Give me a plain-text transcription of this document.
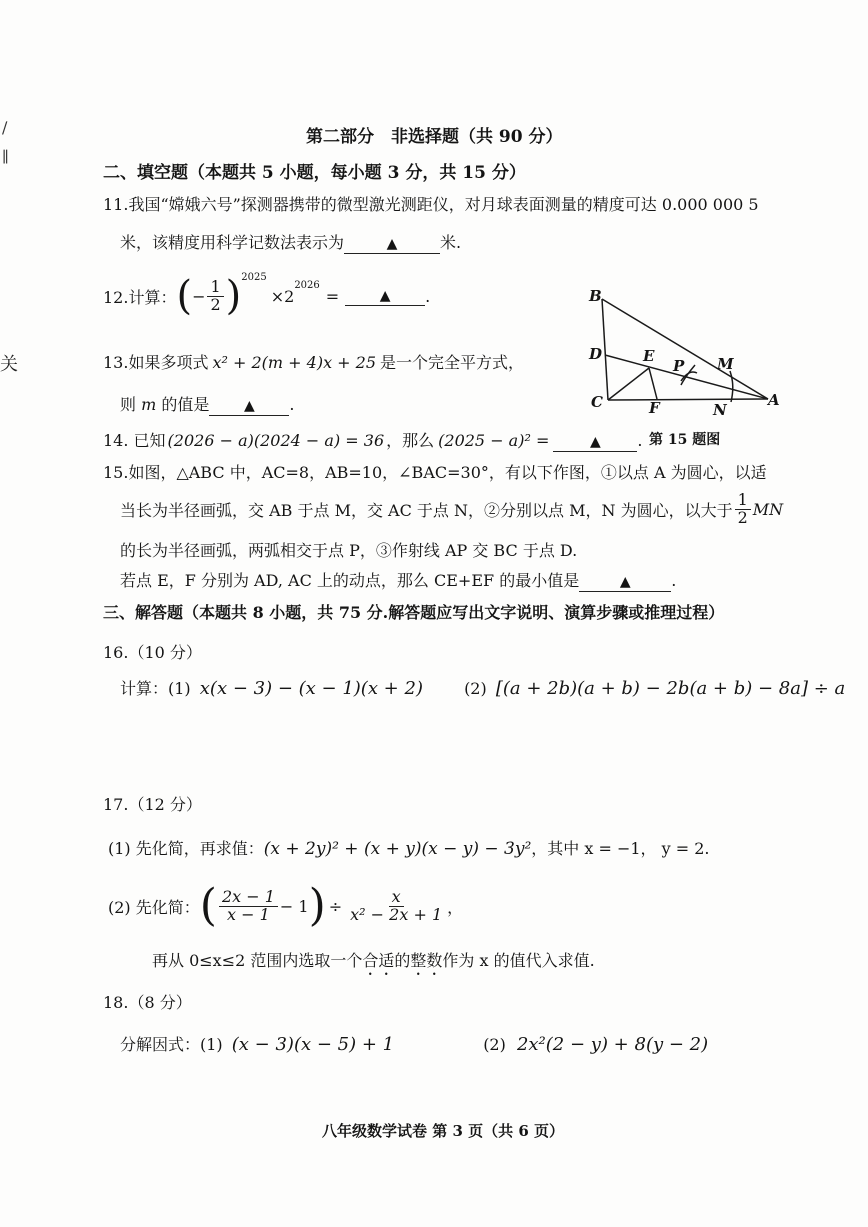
∕
∥
关
第二部分　非选择题（共 90 分）
二、填空题（本题共 5 小题，每小题 3 分，共 15 分）
11.我国“嫦娥六号”探测器携带的微型激光测距仪，对月球表面测量的精度可达 0.000 000 5
米，该精度用科学记数法表示为	▲	米.
12.计算： ( − $\frac{1}{2} )^{2025}$
×2
$^{2026}$
=	▲	.
13.如果多项式 x² + 2(m + 4)x + 25 是一个完全平方式，
则 m 的值是 ▲ .
14. 已知 (2026 − a)(2024 − a) = 36 ，那么 (2025 − a)² =	▲ .
B
D
C
E
F
P M
N
A
第 15 题图
15.如图，△ABC 中，AC=8，AB=10，∠BAC=30°，有以下作图，①以点 A 为圆心，以适
当长为半径画弧，交 AB 于点 M，交 AC 于点 N，②分别以点 M，N 为圆心，以大于 $\frac{1}{2}$ MN
的长为半径画弧，两弧相交于点 P，③作射线 AP 交 BC 于点 D.
若点 E，F 分别为 AD, AC 上的动点，那么 CE+EF 的最小值是	▲	.
三、解答题（本题共 8 小题，共 75 分.解答题应写出文字说明、演算步骤或推理过程）
16.（10 分）
计算：(1) x(x − 3) − (x − 1)(x + 2)	(2) [(a + 2b)(a + b) − 2b(a + b) − 8a] ÷ a
17.（12 分）
(1) 先化简，再求值：(x + 2y)² + (x + y)(x − y) − 3y²，其中 x = −1， y = 2.
(2) 先化简： ( $\frac{2x - 1}{x - 1} - 1$ ) ÷ $\frac{x}{\text{x² − 2x + 1}}$ ，
再从 0≤x≤2 范围内选取一个合适的整数作为 x 的值代入求值.
18.（8 分）
分解因式：(1) (x − 3)(x − 5) + 1	(2) 2x²(2 − y) + 8(y − 2)
八年级数学试卷 第 3 页（共 6 页）
